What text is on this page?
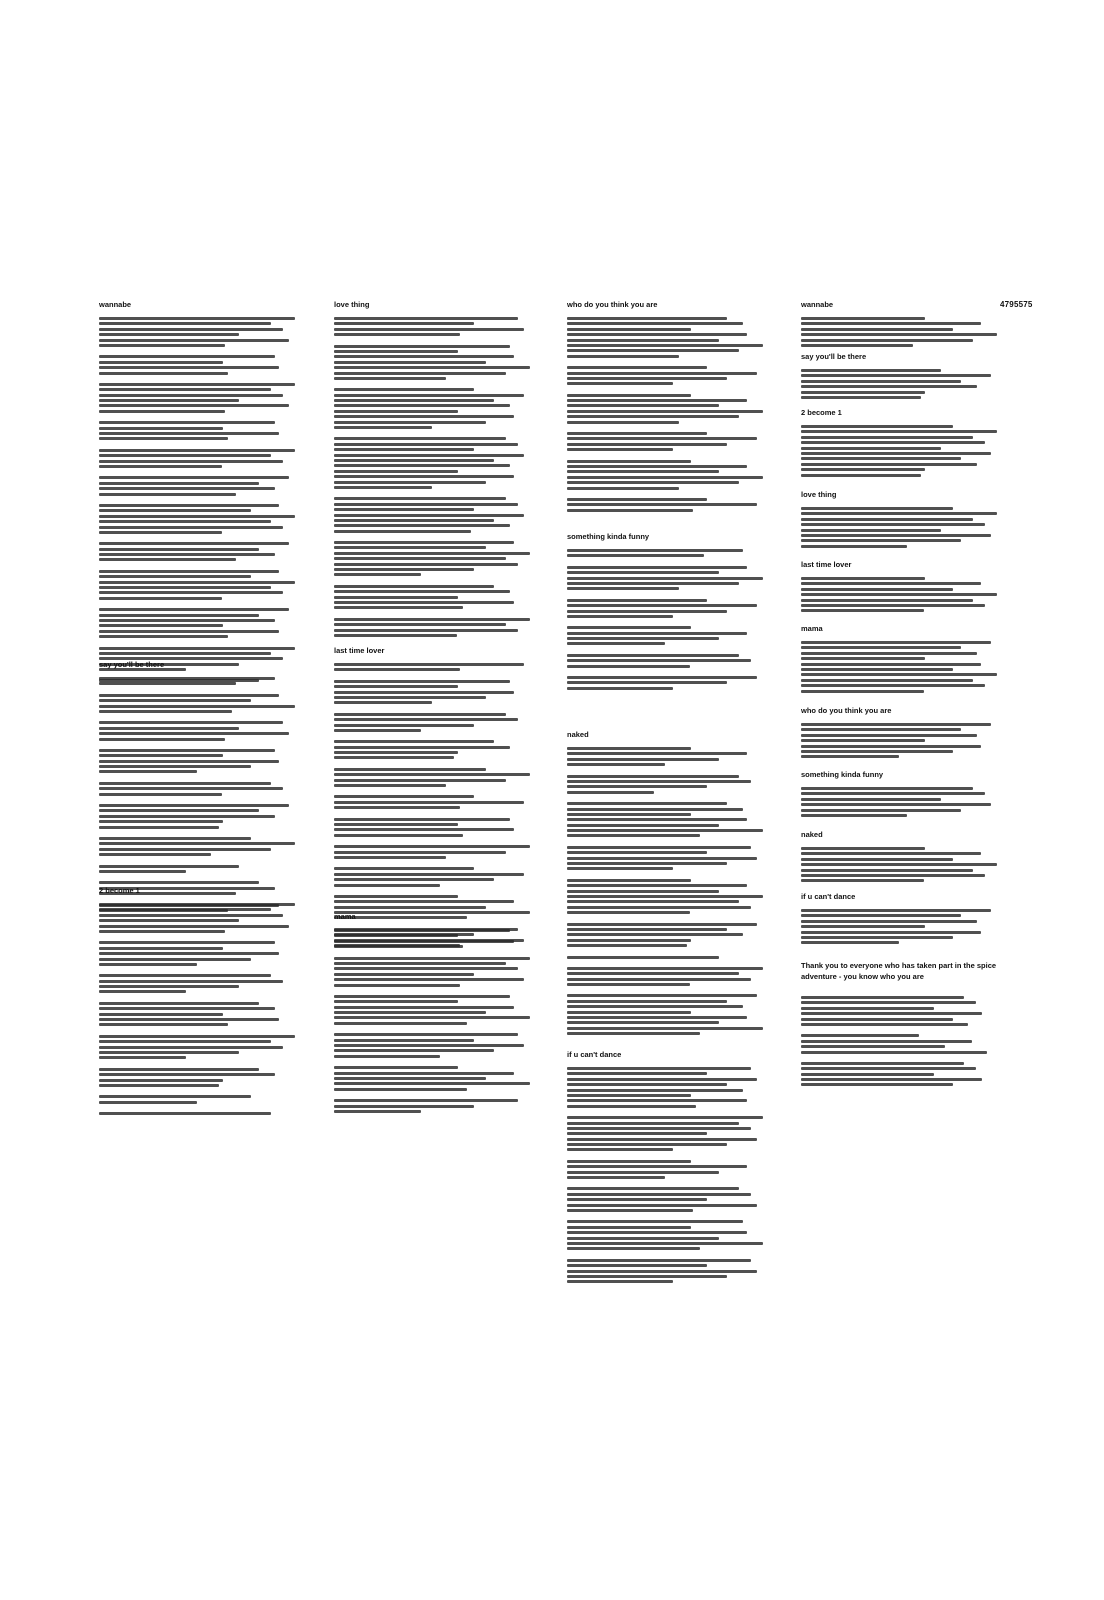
4795575
wannabe
say you'll be there
2 become 1
love thing
last time lover
mama
who do you think you are
something kinda funny
naked
if u can't dance
wannabe
say you'll be there
2 become 1
love thing
last time lover
mama
who do you think you are
something kinda funny
naked
if u can't dance
Thank you to everyone who has taken part in the spice adventure - you know who you are
